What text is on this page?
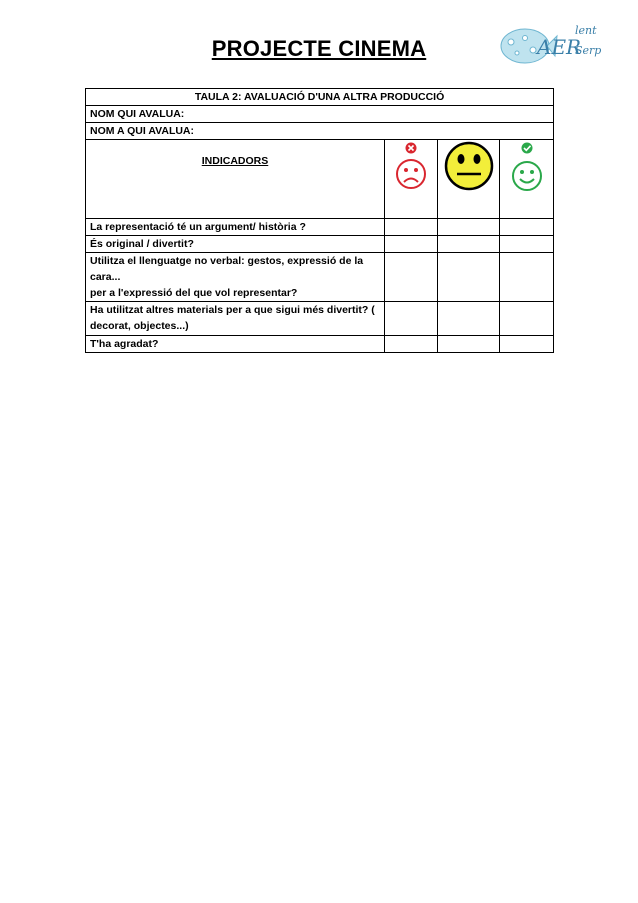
PROJECTE CINEMA	AER
lent
Serp
TAULA 2: AVALUACIÓ D'UNA ALTRA PRODUCCIÓ			
NOM QUI AVALUA:			
NOM A QUI AVALUA:			
INDICADORS	

La representació té un argument/ història ?			
És original / divertit?			

Utilitza el llenguatge no verbal: gestos, expressió de la cara...
per a l'expressió del que vol representar?			

Ha utilitzat altres materials per a que sigui més divertit? (
decorat, objectes...)			

T'ha agradat?			
